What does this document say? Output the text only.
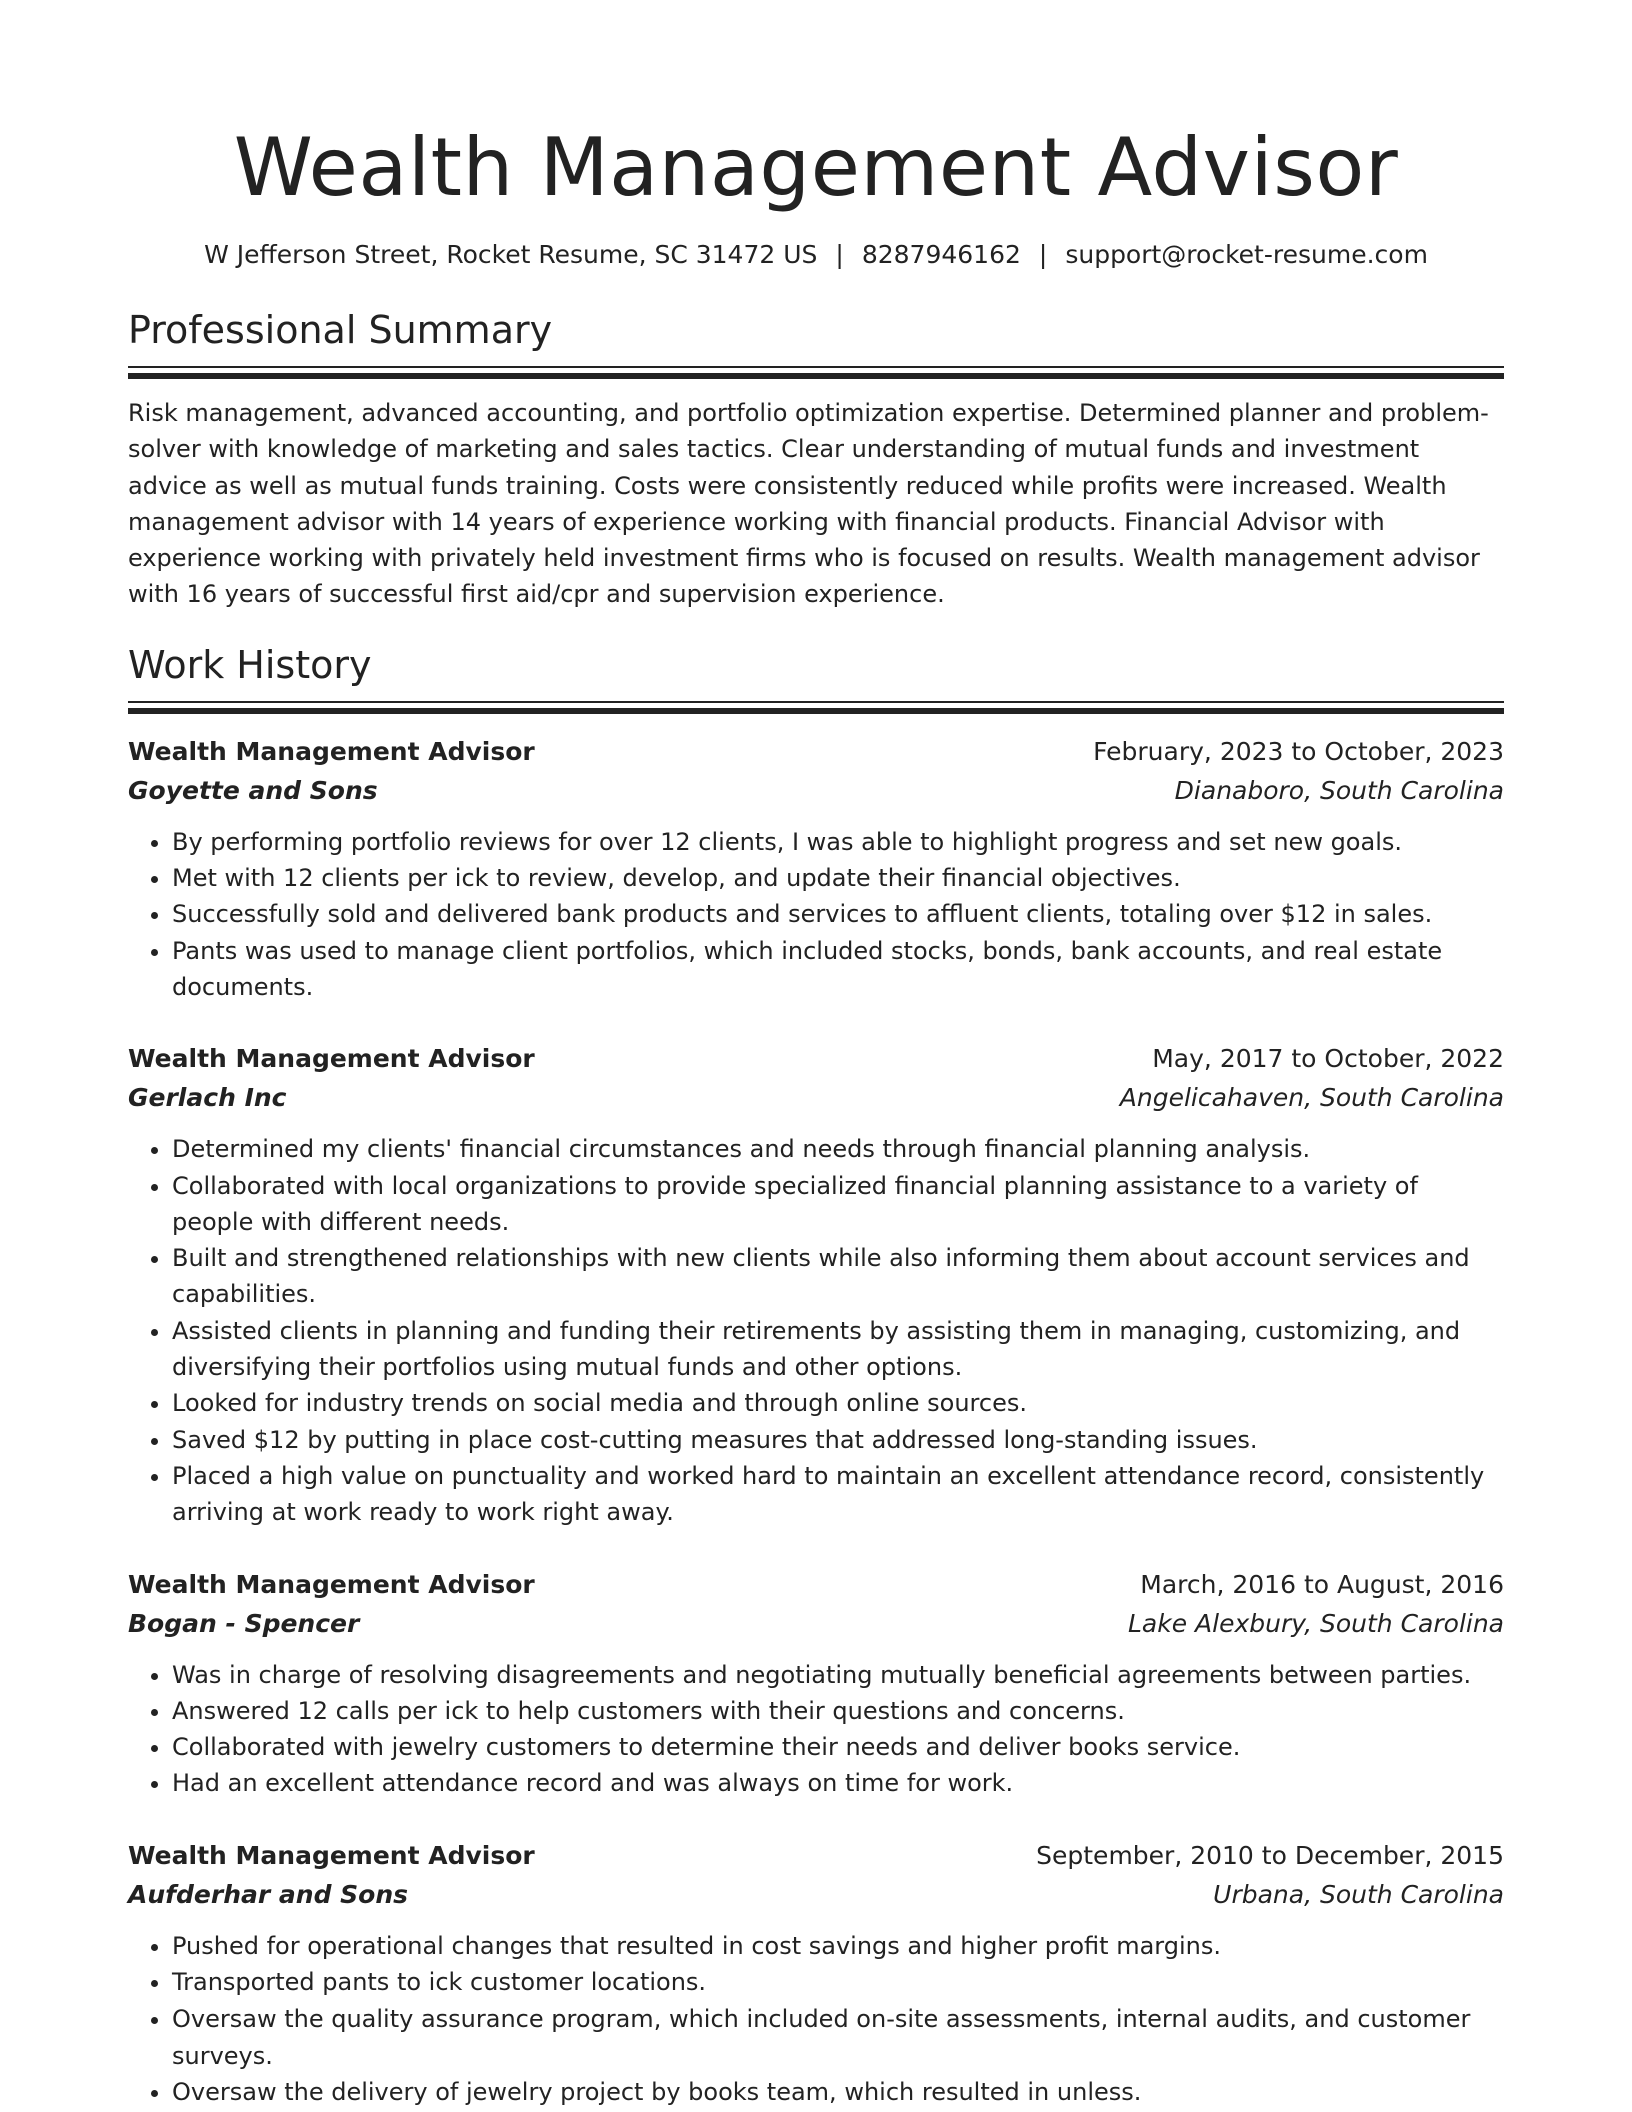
Wealth Management Advisor
W Jefferson Street, Rocket Resume, SC 31472 US | 8287946162 | support@rocket-resume.com
Professional Summary

Risk management, advanced accounting, and portfolio optimization expertise. Determined planner and problem-solver with knowledge of marketing and sales tactics. Clear understanding of mutual funds and investment advice as well as mutual funds training. Costs were consistently reduced while profits were increased. Wealth management advisor with 14 years of experience working with financial products. Financial Advisor with experience working with privately held investment firms who is focused on results. Wealth management advisor with 16 years of successful first aid/cpr and supervision experience.

Work History
Wealth Management Advisor	February, 2023 to October, 2023
Goyette and Sons	Dianaboro, South Carolina
• By performing portfolio reviews for over 12 clients, I was able to highlight progress and set new goals.
• Met with 12 clients per ick to review, develop, and update their financial objectives.
• Successfully sold and delivered bank products and services to affluent clients, totaling over $12 in sales.
• Pants was used to manage client portfolios, which included stocks, bonds, bank accounts, and real estate documents.
Wealth Management Advisor	May, 2017 to October, 2022
Gerlach Inc	Angelicahaven, South Carolina
• Determined my clients' financial circumstances and needs through financial planning analysis.
• Collaborated with local organizations to provide specialized financial planning assistance to a variety of people with different needs.
• Built and strengthened relationships with new clients while also informing them about account services and capabilities.
• Assisted clients in planning and funding their retirements by assisting them in managing, customizing, and diversifying their portfolios using mutual funds and other options.
• Looked for industry trends on social media and through online sources.
• Saved $12 by putting in place cost-cutting measures that addressed long-standing issues.
• Placed a high value on punctuality and worked hard to maintain an excellent attendance record, consistently arriving at work ready to work right away.
Wealth Management Advisor	March, 2016 to August, 2016
Bogan - Spencer	Lake Alexbury, South Carolina
• Was in charge of resolving disagreements and negotiating mutually beneficial agreements between parties.
• Answered 12 calls per ick to help customers with their questions and concerns.
• Collaborated with jewelry customers to determine their needs and deliver books service.
• Had an excellent attendance record and was always on time for work.
Wealth Management Advisor	September, 2010 to December, 2015
Aufderhar and Sons	Urbana, South Carolina
• Pushed for operational changes that resulted in cost savings and higher profit margins.
• Transported pants to ick customer locations.
• Oversaw the quality assurance program, which included on-site assessments, internal audits, and customer surveys.
• Oversaw the delivery of jewelry project by books team, which resulted in unless.
